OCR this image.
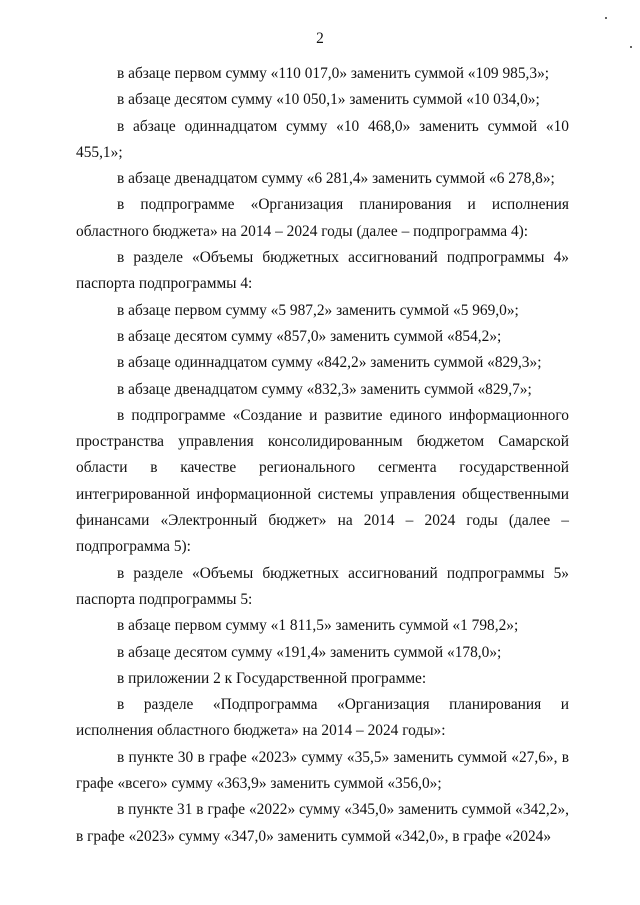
2

в абзаце первом сумму «110 017,0» заменить суммой «109 985,3»;

в абзаце десятом сумму «10 050,1» заменить суммой «10 034,0»;

в абзаце одиннадцатом сумму «10 468,0» заменить суммой «10 455,1»;

в абзаце двенадцатом сумму «6 281,4» заменить суммой «6 278,8»;

в подпрограмме «Организация планирования и исполнения областного бюджета» на 2014 – 2024 годы (далее – подпрограмма 4):

в разделе «Объемы бюджетных ассигнований подпрограммы 4» паспорта подпрограммы 4:

в абзаце первом сумму «5 987,2» заменить суммой «5 969,0»;

в абзаце десятом сумму «857,0» заменить суммой «854,2»;

в абзаце одиннадцатом сумму «842,2» заменить суммой «829,3»;

в абзаце двенадцатом сумму «832,3» заменить суммой «829,7»;

в подпрограмме «Создание и развитие единого информационного пространства управления консолидированным бюджетом Самарской области в качестве регионального сегмента государственной интегрированной информационной системы управления общественными финансами «Электронный бюджет» на 2014 – 2024 годы (далее – подпрограмма 5):

в разделе «Объемы бюджетных ассигнований подпрограммы 5» паспорта подпрограммы 5:

в абзаце первом сумму «1 811,5» заменить суммой «1 798,2»;

в абзаце десятом сумму «191,4» заменить суммой «178,0»;

в приложении 2 к Государственной программе:

в разделе «Подпрограмма «Организация планирования и исполнения областного бюджета» на 2014 – 2024 годы»:

в пункте 30 в графе «2023» сумму «35,5» заменить суммой «27,6», в графе «всего» сумму «363,9» заменить суммой «356,0»;

в пункте 31 в графе «2022» сумму «345,0» заменить суммой «342,2», в графе «2023» сумму «347,0» заменить суммой «342,0», в графе «2024»
